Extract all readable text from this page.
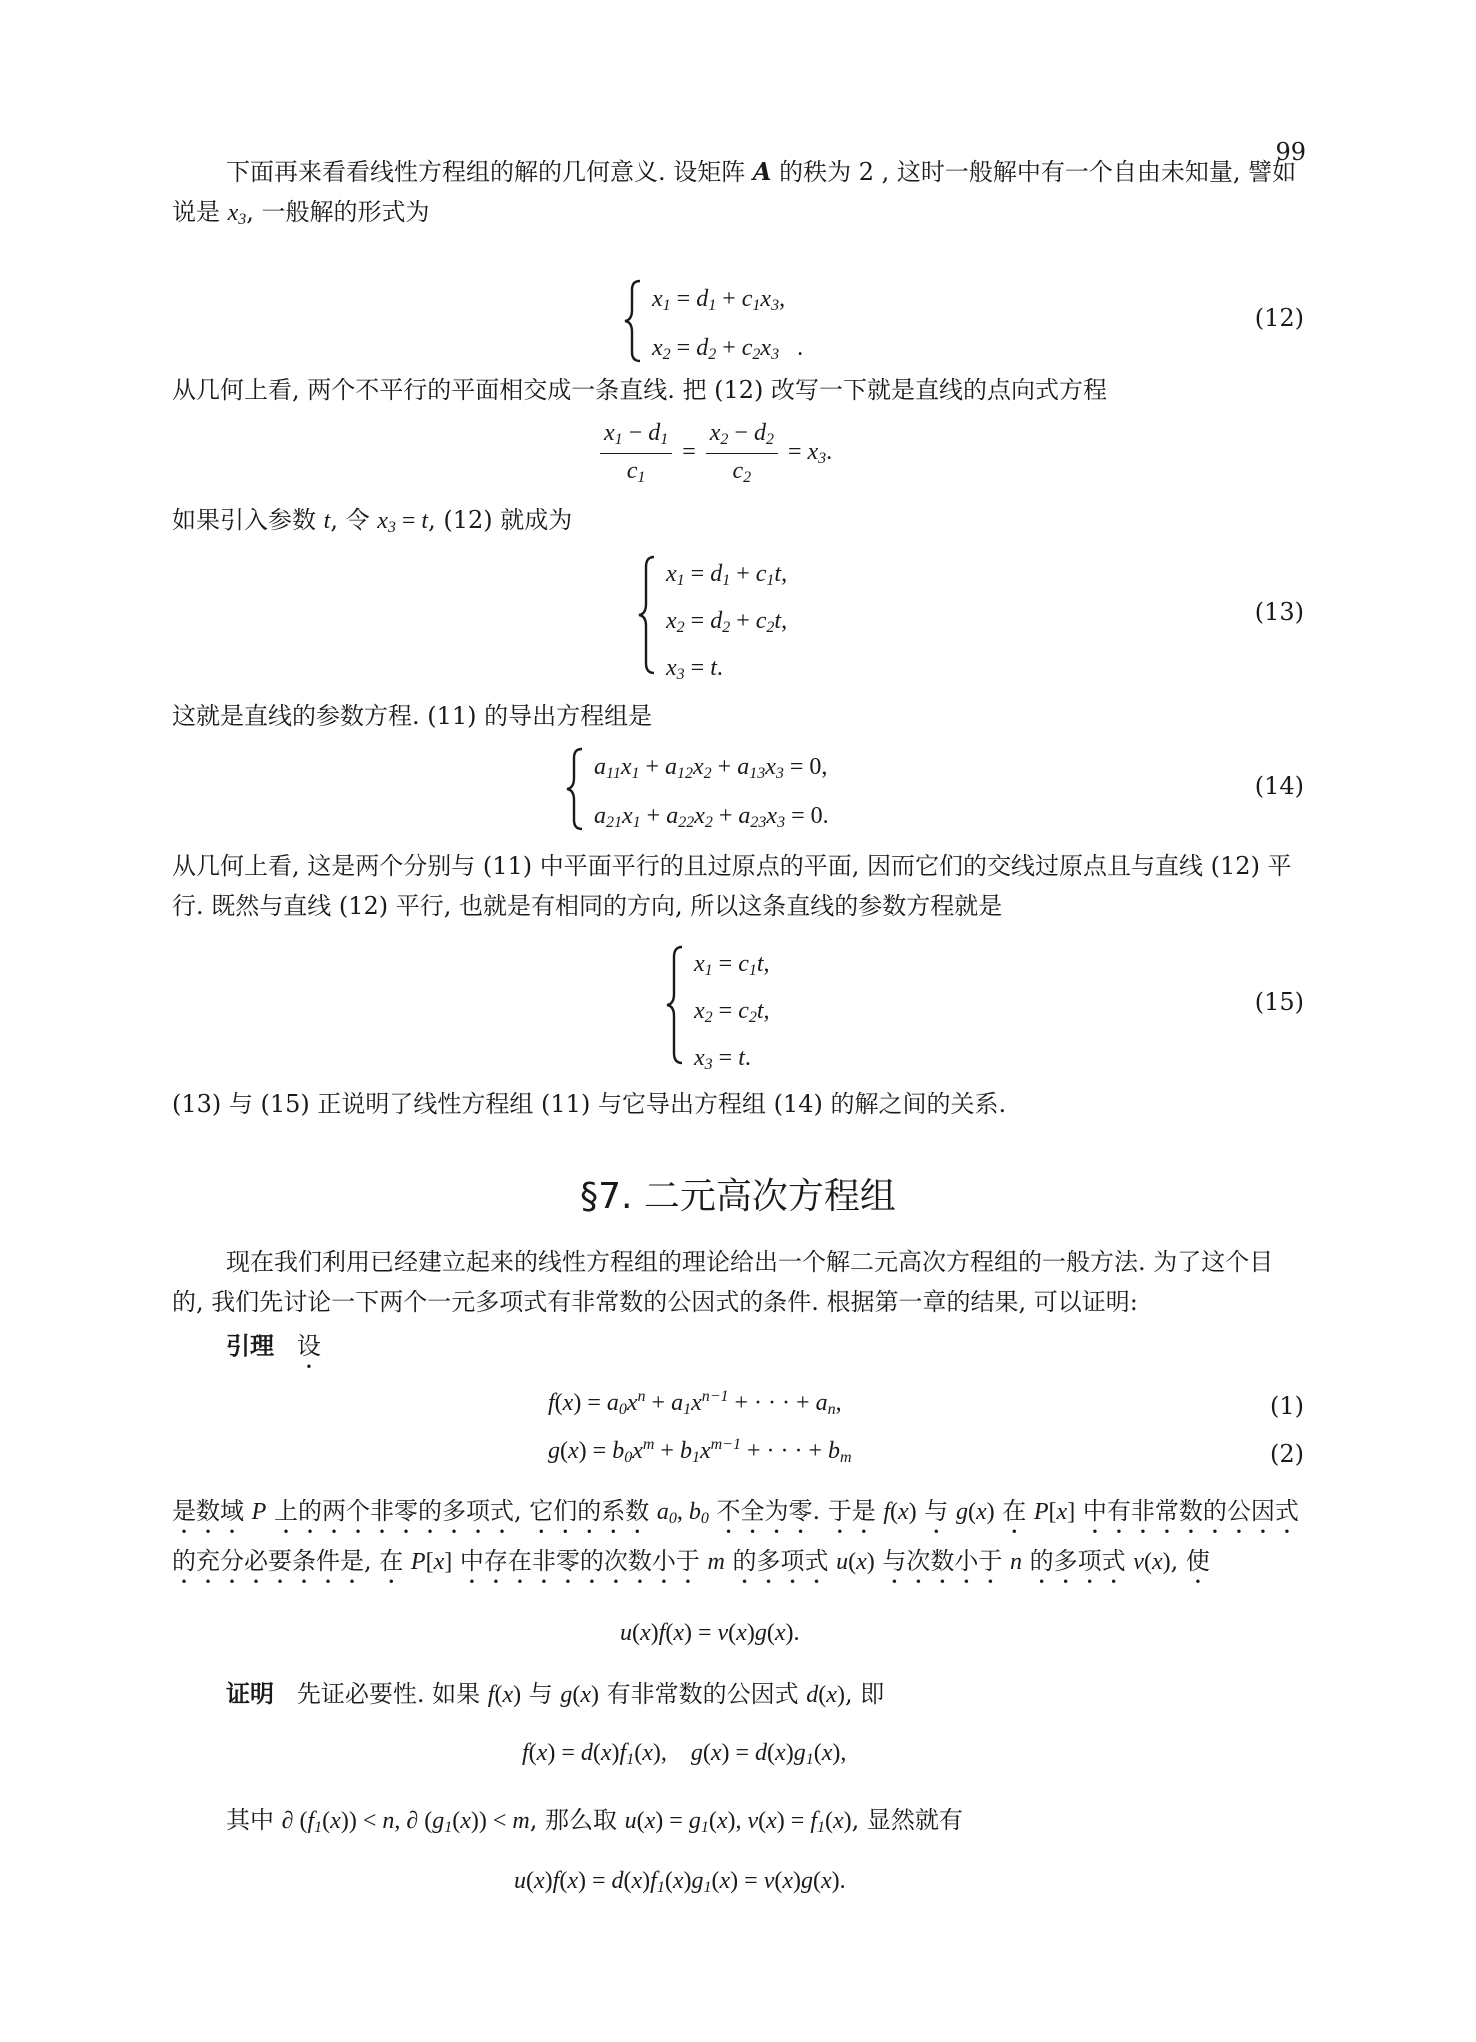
99
下面再来看看线性方程组的解的几何意义. 设矩阵 A 的秩为 2 , 这时一般解中有一个自由未知量, 譬如说是 $x_3$, 一般解的形式为
$x_1 = d_1 + c_1x_3$,
$x_2 = d_2 + c_2x_3$   .
(12)
从几何上看, 两个不平行的平面相交成一条直线. 把 (12) 改写一下就是直线的点向式方程
$\frac{x_1 - d_1}{c_1} = \frac{x_2 - d_2}{c_2} = x_3$.
如果引入参数 t, 令 $x_3 = t$, (12) 就成为
$x_1 = d_1 + c_1t$,
$x_2 = d_2 + c_2t$,
$x_3 = t$.
(13)
这就是直线的参数方程. (11) 的导出方程组是
$a_{11}x_1 + a_{12}x_2 + a_{13}x_3 = 0$,
$a_{21}x_1 + a_{22}x_2 + a_{23}x_3 = 0$.
(14)
从几何上看, 这是两个分别与 (11) 中平面平行的且过原点的平面, 因而它们的交线过原点且与直线 (12) 平行. 既然与直线 (12) 平行, 也就是有相同的方向, 所以这条直线的参数方程就是
$x_1 = c_1t$,
$x_2 = c_2t$,
$x_3 = t$.
(15)
(13) 与 (15) 正说明了线性方程组 (11) 与它导出方程组 (14) 的解之间的关系.
§7. 二元高次方程组
现在我们利用已经建立起来的线性方程组的理论给出一个解二元高次方程组的一般方法. 为了这个目的, 我们先讨论一下两个一元多项式有非常数的公因式的条件. 根据第一章的结果, 可以证明:
引理 设
$f(x) = a_0x^n + a_1x^{n-1}$ + · · · + $a_n$,	(1)
$g(x) = b_0x^m + b_1x^{m-1}$ + · · · + $b_m$	(2)
是数域 P 上的两个非零的多项式, 它们的系数 $a_0$, $b_0$ 不全为零. 于是 f(x) 与 g(x) 在 P[x] 中有非常数的公因式的充分必要条件是, 在 P[x] 中存在非零的次数小于 m 的多项式 u(x) 与次数小于 n 的多项式 v(x), 使
u(x)f(x) = v(x)g(x).
证明 先证必要性. 如果 f(x) 与 g(x) 有非常数的公因式 d(x), 即
$f(x) = d(x)f_1(x)$,    $g(x) = d(x)g_1(x)$,
其中 ∂ $(f_1(x)) < n$, ∂ $(g_1(x)) < m$, 那么取 $u(x) = g_1(x)$, $v(x) = f_1(x)$, 显然就有
$u(x)f(x) = d(x)f_1(x)g_1(x) = v(x)g(x)$.
